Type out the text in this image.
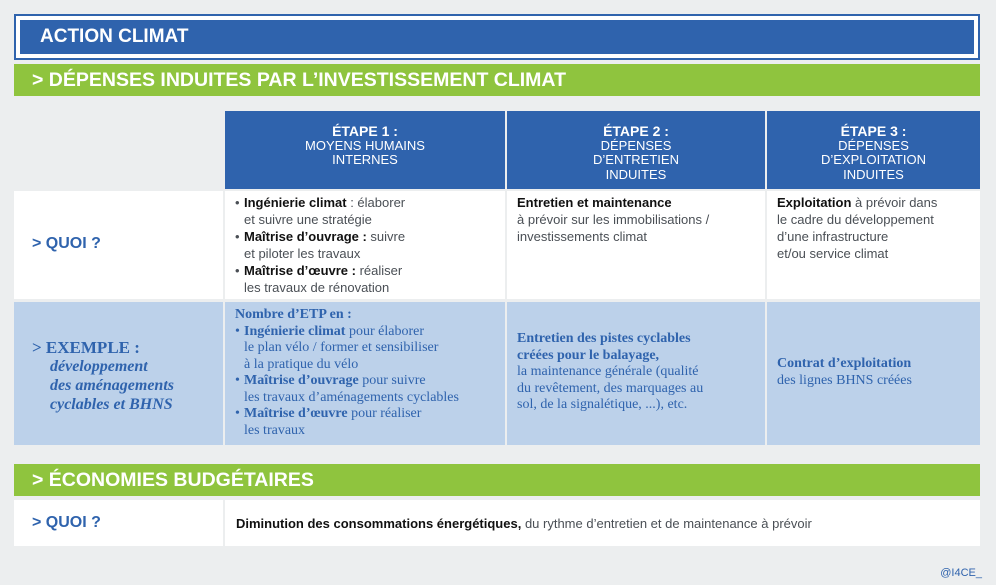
ACTION CLIMAT
> DÉPENSES INDUITES PAR L’INVESTISSEMENT CLIMAT
ÉTAPE 1 :
MOYENS HUMAINS
INTERNES
ÉTAPE 2 :
DÉPENSES
D’ENTRETIEN
INDUITES
ÉTAPE 3 :
DÉPENSES
D’EXPLOITATION
INDUITES
> QUOI ?
• Ingénierie climat : élaborer
et suivre une stratégie
• Maîtrise d’ouvrage : suivre
et piloter les travaux
• Maîtrise d’œuvre : réaliser
les travaux de rénovation
Entretien et maintenance
à prévoir sur les immobilisations /
investissements climat
Exploitation à prévoir dans
le cadre du développement
d’une infrastructure
et/ou service climat
> EXEMPLE :
développement
des aménagements
cyclables et BHNS
Nombre d’ETP en :
• Ingénierie climat pour élaborer
le plan vélo / former et sensibiliser
à la pratique du vélo
• Maîtrise d’ouvrage pour suivre
les travaux d’aménagements cyclables
• Maîtrise d’œuvre pour réaliser
les travaux
Entretien des pistes cyclables
créées pour le balayage,
la maintenance générale (qualité
du revêtement, des marquages au
sol, de la signalétique, ...), etc.
Contrat d’exploitation
des lignes BHNS créées
> ÉCONOMIES BUDGÉTAIRES
> QUOI ?	Diminution des consommations énergétiques, du rythme d’entretien et de maintenance à prévoir
@I4CE_
